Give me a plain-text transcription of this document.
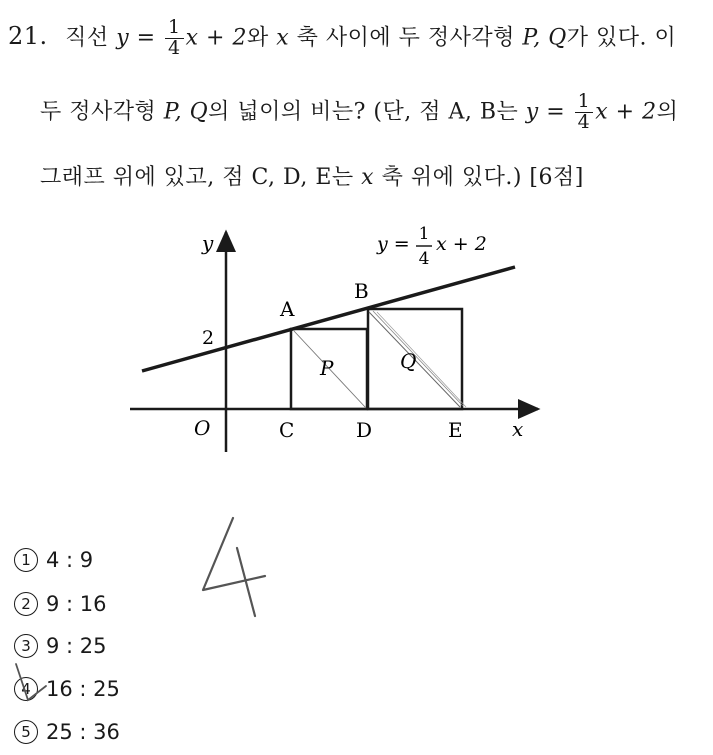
21. 직선 $y = \frac{1}{4}$ x + 2와 x 축 사이에 두 정사각형 P, Q가 있다. 이
두 정사각형 P, Q의 넓이의 비는? (단, 점 A, B는 $y = \frac{1}{4}$ x + 2의
그래프 위에 있고, 점 C, D, E는 x 축 위에 있다.) [6점]
y
x
O
2
y = 1
4
x + 2
A
B
C	D	E
P	Q
4
1 4 : 9
2 9 : 16
3 9 : 25
4 16 : 25
5 25 : 36
